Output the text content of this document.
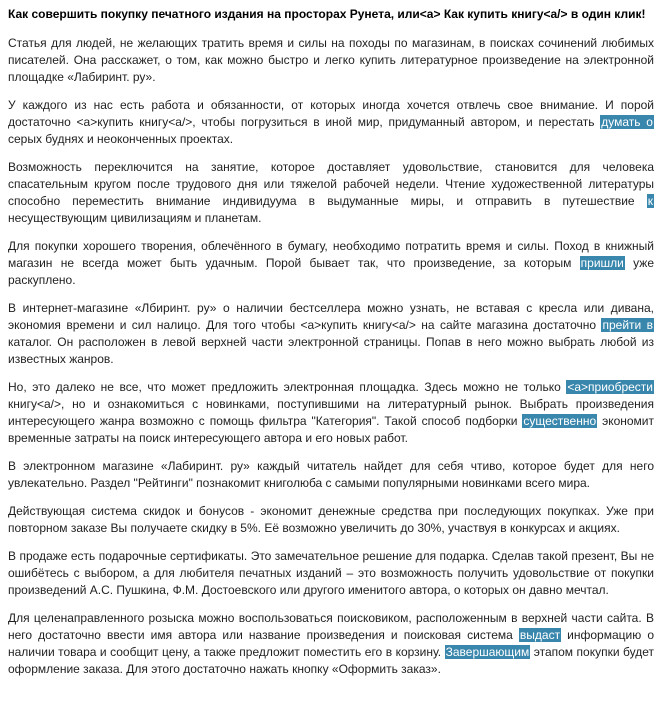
Как совершить покупку печатного издания на просторах Рунета, или<a> Как купить книгу<a/> в один клик!

Статья для людей, не желающих тратить время и силы на походы по магазинам, в поисках сочинений любимых писателей. Она расскажет, о том, как можно быстро и легко купить литературное произведение на электронной площадке «Лабиринт. ру».

У каждого из нас есть работа и обязанности, от которых иногда хочется отвлечь свое внимание. И порой достаточно <a>купить книгу<a/>, чтобы погрузиться в иной мир, придуманный автором, и перестать думать о серых буднях и неоконченных проектах.

Возможность переключится на занятие, которое доставляет удовольствие, становится для человека спасательным кругом после трудового дня или тяжелой рабочей недели. Чтение художественной литературы способно переместить внимание индивидуума в выдуманные миры, и отправить в путешествие к несуществующим цивилизациям и планетам.

Для покупки хорошего творения, облечённого в бумагу, необходимо потратить время и силы. Поход в книжный магазин не всегда может быть удачным. Порой бывает так, что произведение, за которым пришли уже раскуплено.

В интернет-магазине «Лбиринт. ру» о наличии бестселлера можно узнать, не вставая с кресла или дивана, экономия времени и сил налицо. Для того чтобы <a>купить книгу<a/> на сайте магазина достаточно прейти в каталог. Он расположен в левой верхней части электронной страницы. Попав в него можно выбрать любой из известных жанров.

Но, это далеко не все, что может предложить электронная площадка. Здесь можно не только <a>приобрести книгу<a/>, но и ознакомиться с новинками, поступившими на литературный рынок. Выбрать произведения интересующего жанра возможно с помощь фильтра "Категория". Такой способ подборки существенно экономит временные затраты на поиск интересующего автора и его новых работ.

В электронном магазине «Лабиринт. ру» каждый читатель найдет для себя чтиво, которое будет для него увлекательно. Раздел "Рейтинги" познакомит книголюба с самыми популярными новинками всего мира.

Действующая система скидок и бонусов - экономит денежные средства при последующих покупках. Уже при повторном заказе Вы получаете скидку в 5%. Её возможно увеличить до 30%, участвуя в конкурсах и акциях.

В продаже есть подарочные сертификаты. Это замечательное решение для подарка. Сделав такой презент, Вы не ошибётесь с выбором, а для любителя печатных изданий – это возможность получить удовольствие от покупки произведений А.С. Пушкина, Ф.М. Достоевского или другого именитого автора, о которых он давно мечтал.

Для целенаправленного розыска можно воспользоваться поисковиком, расположенным в верхней части сайта. В него достаточно ввести имя автора или название произведения и поисковая система выдаст информацию о наличии товара и сообщит цену, а также предложит поместить его в корзину. Завершающим этапом покупки будет оформление заказа. Для этого достаточно нажать кнопку «Оформить заказ».
